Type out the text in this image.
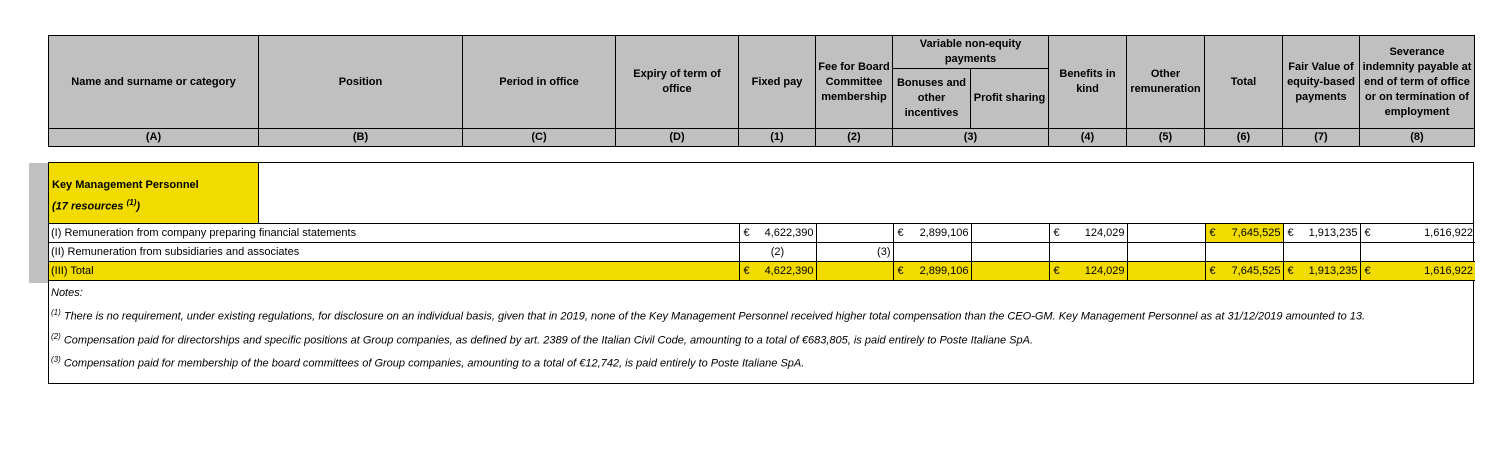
Name and surname or category	Position	Period in office	Expiry of term of office	Fixed pay	Fee for Board Committee membership	Variable non-equity payments		Benefits in kind	Other remuneration	Total	Fair Value of equity-based payments	Severance indemnity payable at end of term of office or on termination of employment
						Bonuses and other incentives	Profit sharing					
(A)	(B)	(C)	(D)	(1)	(2)	(3)		(4)	(5)	(6)	(7)	(8)
Key Management Personnel
(17 resources $^{(1)}$)
(I) Remuneration from company preparing financial statements	€ 4,622,390		€ 2,899,106		€ 124,029		€ 7,645,525	€ 1,913,235	€ 1,616,922
(II) Remuneration from subsidiaries and associates	(2)	(3)							
(III) Total	€ 4,622,390		€ 2,899,106		€ 124,029		€ 7,645,525	€ 1,913,235	€ 1,616,922
Notes:
$^{(1)}$ There is no requirement, under existing regulations, for disclosure on an individual basis, given that in 2019, none of the Key Management Personnel received higher total compensation than the CEO-GM. Key Management Personnel as at 31/12/2019 amounted to 13.
$^{(2)}$ Compensation paid for directorships and specific positions at Group companies, as defined by art. 2389 of the Italian Civil Code, amounting to a total of €683,805, is paid entirely to Poste Italiane SpA.
$^{(3)}$ Compensation paid for membership of the board committees of Group companies, amounting to a total of €12,742, is paid entirely to Poste Italiane SpA.
